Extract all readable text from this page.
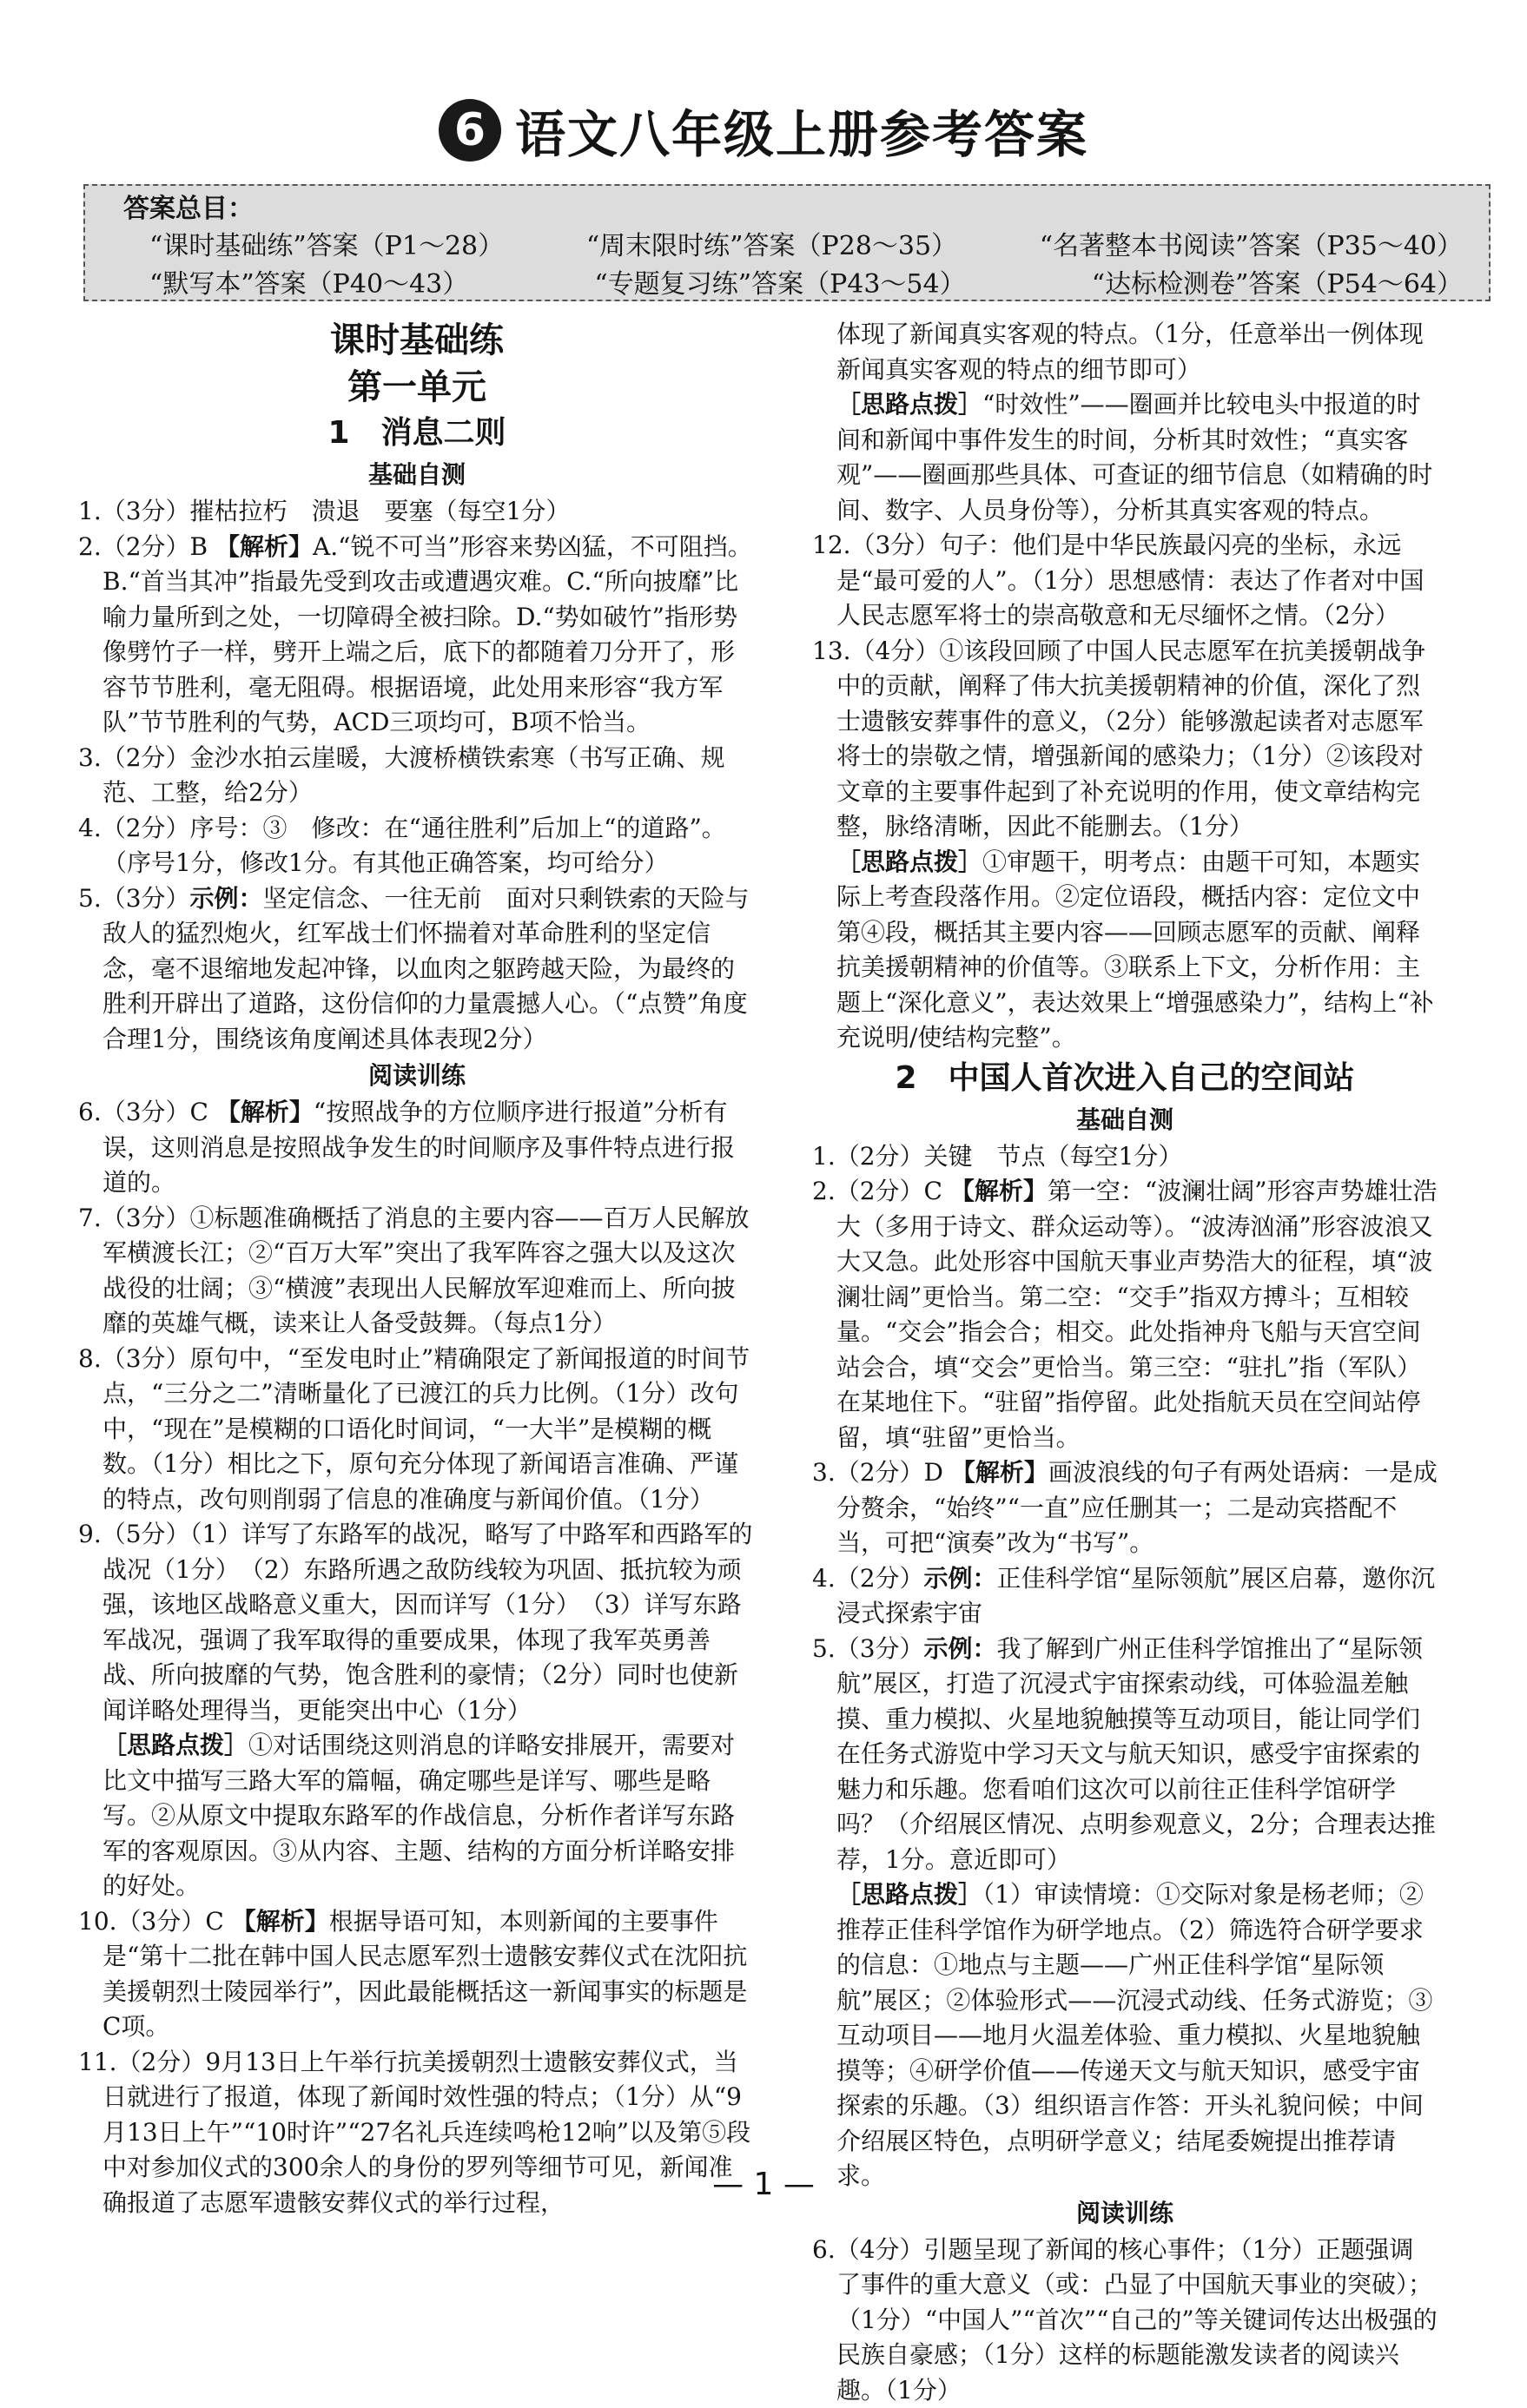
6 语文八年级上册参考答案
答案总目：
“课时基础练”答案（P1～28）	“周末限时练”答案（P28～35）	“名著整本书阅读”答案（P35～40）
“默写本”答案（P40～43）	“专题复习练”答案（P43～54）	“达标检测卷”答案（P54～64）

课时基础练

第一单元

1　消息二则

基础自测

1.（3分）摧枯拉朽　溃退　要塞（每空1分）

2.（2分）B 【解析】A.“锐不可当”形容来势凶猛，不可阻挡。B.“首当其冲”指最先受到攻击或遭遇灾难。C.“所向披靡”比喻力量所到之处，一切障碍全被扫除。D.“势如破竹”指形势像劈竹子一样，劈开上端之后，底下的都随着刀分开了，形容节节胜利，毫无阻碍。根据语境，此处用来形容“我方军队”节节胜利的气势，ACD三项均可，B项不恰当。

3.（2分）金沙水拍云崖暖，大渡桥横铁索寒（书写正确、规范、工整，给2分）

4.（2分）序号：③　修改：在“通往胜利”后加上“的道路”。（序号1分，修改1分。有其他正确答案，均可给分）

5.（3分）示例：坚定信念、一往无前　面对只剩铁索的天险与敌人的猛烈炮火，红军战士们怀揣着对革命胜利的坚定信念，毫不退缩地发起冲锋，以血肉之躯跨越天险，为最终的胜利开辟出了道路，这份信仰的力量震撼人心。（“点赞”角度合理1分，围绕该角度阐述具体表现2分）

阅读训练

6.（3分）C 【解析】“按照战争的方位顺序进行报道”分析有误，这则消息是按照战争发生的时间顺序及事件特点进行报道的。

7.（3分）①标题准确概括了消息的主要内容——百万人民解放军横渡长江；②“百万大军”突出了我军阵容之强大以及这次战役的壮阔；③“横渡”表现出人民解放军迎难而上、所向披靡的英雄气概，读来让人备受鼓舞。（每点1分）

8.（3分）原句中，“至发电时止”精确限定了新闻报道的时间节点，“三分之二”清晰量化了已渡江的兵力比例。（1分）改句中，“现在”是模糊的口语化时间词，“一大半”是模糊的概数。（1分）相比之下，原句充分体现了新闻语言准确、严谨的特点，改句则削弱了信息的准确度与新闻价值。（1分）

9.（5分）（1）详写了东路军的战况，略写了中路军和西路军的战况（1分）　（2）东路所遇之敌防线较为巩固、抵抗较为顽强，该地区战略意义重大，因而详写（1分）　（3）详写东路军战况，强调了我军取得的重要成果，体现了我军英勇善战、所向披靡的气势，饱含胜利的豪情；（2分）同时也使新闻详略处理得当，更能突出中心（1分）

［思路点拨］①对话围绕这则消息的详略安排展开，需要对比文中描写三路大军的篇幅，确定哪些是详写、哪些是略写。②从原文中提取东路军的作战信息，分析作者详写东路军的客观原因。③从内容、主题、结构的方面分析详略安排的好处。

10.（3分）C 【解析】根据导语可知，本则新闻的主要事件是“第十二批在韩中国人民志愿军烈士遗骸安葬仪式在沈阳抗美援朝烈士陵园举行”，因此最能概括这一新闻事实的标题是C项。

11.（2分）9月13日上午举行抗美援朝烈士遗骸安葬仪式，当日就进行了报道，体现了新闻时效性强的特点；（1分）从“9月13日上午”“10时许”“27名礼兵连续鸣枪12响”以及第⑤段中对参加仪式的300余人的身份的罗列等细节可见，新闻准确报道了志愿军遗骸安葬仪式的举行过程，

体现了新闻真实客观的特点。（1分，任意举出一例体现新闻真实客观的特点的细节即可）

［思路点拨］“时效性”——圈画并比较电头中报道的时间和新闻中事件发生的时间，分析其时效性；“真实客观”——圈画那些具体、可查证的细节信息（如精确的时间、数字、人员身份等），分析其真实客观的特点。

12.（3分）句子：他们是中华民族最闪亮的坐标，永远是“最可爱的人”。（1分）思想感情：表达了作者对中国人民志愿军将士的崇高敬意和无尽缅怀之情。（2分）

13.（4分）①该段回顾了中国人民志愿军在抗美援朝战争中的贡献，阐释了伟大抗美援朝精神的价值，深化了烈士遗骸安葬事件的意义，（2分）能够激起读者对志愿军将士的崇敬之情，增强新闻的感染力；（1分）②该段对文章的主要事件起到了补充说明的作用，使文章结构完整，脉络清晰，因此不能删去。（1分）

［思路点拨］①审题干，明考点：由题干可知，本题实际上考查段落作用。②定位语段，概括内容：定位文中第④段，概括其主要内容——回顾志愿军的贡献、阐释抗美援朝精神的价值等。③联系上下文，分析作用：主题上“深化意义”，表达效果上“增强感染力”，结构上“补充说明/使结构完整”。

2　中国人首次进入自己的空间站

基础自测

1.（2分）关键　节点（每空1分）

2.（2分）C 【解析】第一空：“波澜壮阔”形容声势雄壮浩大（多用于诗文、群众运动等）。“波涛汹涌”形容波浪又大又急。此处形容中国航天事业声势浩大的征程，填“波澜壮阔”更恰当。第二空：“交手”指双方搏斗；互相较量。“交会”指会合；相交。此处指神舟飞船与天宫空间站会合，填“交会”更恰当。第三空：“驻扎”指（军队）在某地住下。“驻留”指停留。此处指航天员在空间站停留，填“驻留”更恰当。

3.（2分）D 【解析】画波浪线的句子有两处语病：一是成分赘余，“始终”“一直”应任删其一；二是动宾搭配不当，可把“演奏”改为“书写”。

4.（2分）示例：正佳科学馆“星际领航”展区启幕，邀你沉浸式探索宇宙

5.（3分）示例：我了解到广州正佳科学馆推出了“星际领航”展区，打造了沉浸式宇宙探索动线，可体验温差触摸、重力模拟、火星地貌触摸等互动项目，能让同学们在任务式游览中学习天文与航天知识，感受宇宙探索的魅力和乐趣。您看咱们这次可以前往正佳科学馆研学吗？（介绍展区情况、点明参观意义，2分；合理表达推荐，1分。意近即可）

［思路点拨］（1）审读情境：①交际对象是杨老师；②推荐正佳科学馆作为研学地点。（2）筛选符合研学要求的信息：①地点与主题——广州正佳科学馆“星际领航”展区；②体验形式——沉浸式动线、任务式游览；③互动项目——地月火温差体验、重力模拟、火星地貌触摸等；④研学价值——传递天文与航天知识，感受宇宙探索的乐趣。（3）组织语言作答：开头礼貌问候；中间介绍展区特色，点明研学意义；结尾委婉提出推荐请求。

阅读训练

6.（4分）引题呈现了新闻的核心事件；（1分）正题强调了事件的重大意义（或：凸显了中国航天事业的突破）；（1分）“中国人”“首次”“自己的”等关键词传达出极强的民族自豪感；（1分）这样的标题能激发读者的阅读兴趣。（1分）

— 1 —
